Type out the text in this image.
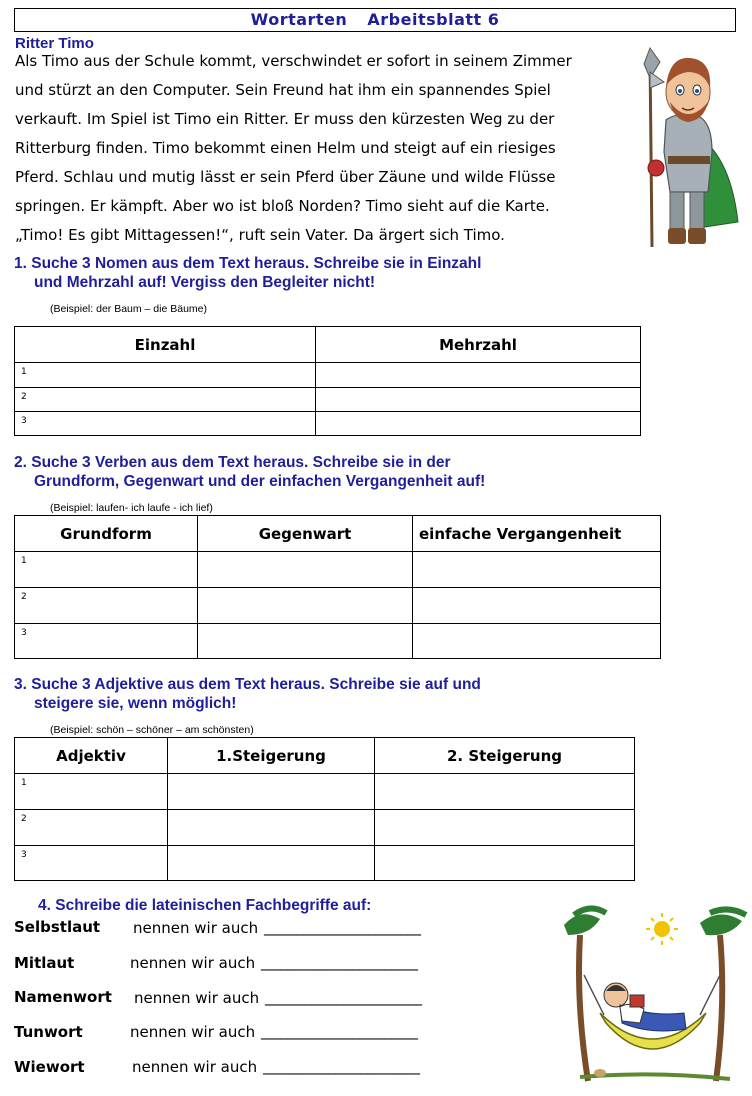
Wortarten Arbeitsblatt 6
Ritter Timo
Als Timo aus der Schule kommt, verschwindet er sofort in seinem Zimmer
und stürzt an den Computer. Sein Freund hat ihm ein spannendes Spiel
verkauft. Im Spiel ist Timo ein Ritter. Er muss den kürzesten Weg zu der
Ritterburg finden. Timo bekommt einen Helm und steigt auf ein riesiges
Pferd. Schlau und mutig lässt er sein Pferd über Zäune und wilde Flüsse
springen. Er kämpft. Aber wo ist bloß Norden? Timo sieht auf die Karte.
„Timo! Es gibt Mittagessen!“, ruft sein Vater. Da ärgert sich Timo.
1. Suche 3 Nomen aus dem Text heraus. Schreibe sie in Einzahl
und Mehrzahl auf! Vergiss den Begleiter nicht!
(Beispiel: der Baum – die Bäume)
Einzahl	Mehrzahl
1	
2	
3	
2. Suche 3 Verben aus dem Text heraus. Schreibe sie in der
Grundform, Gegenwart und der einfachen Vergangenheit auf!
(Beispiel: laufen- ich laufe - ich lief)
Grundform	Gegenwart	einfache Vergangenheit
1		
2		
3		
3. Suche 3 Adjektive aus dem Text heraus. Schreibe sie auf und
steigere sie, wenn möglich!
(Beispiel: schön – schöner – am schönsten)
Adjektiv	1.Steigerung	2. Steigerung
1		
2		
3		
4. Schreibe die lateinischen Fachbegriffe auf:
Selbstlaut nennen wir auch ________________________
Mitlaut	nennen wir auch ________________________
Namenwort nennen wir auch ________________________
Tunwort	nennen wir auch ________________________
Wiewort	nennen wir auch ________________________
